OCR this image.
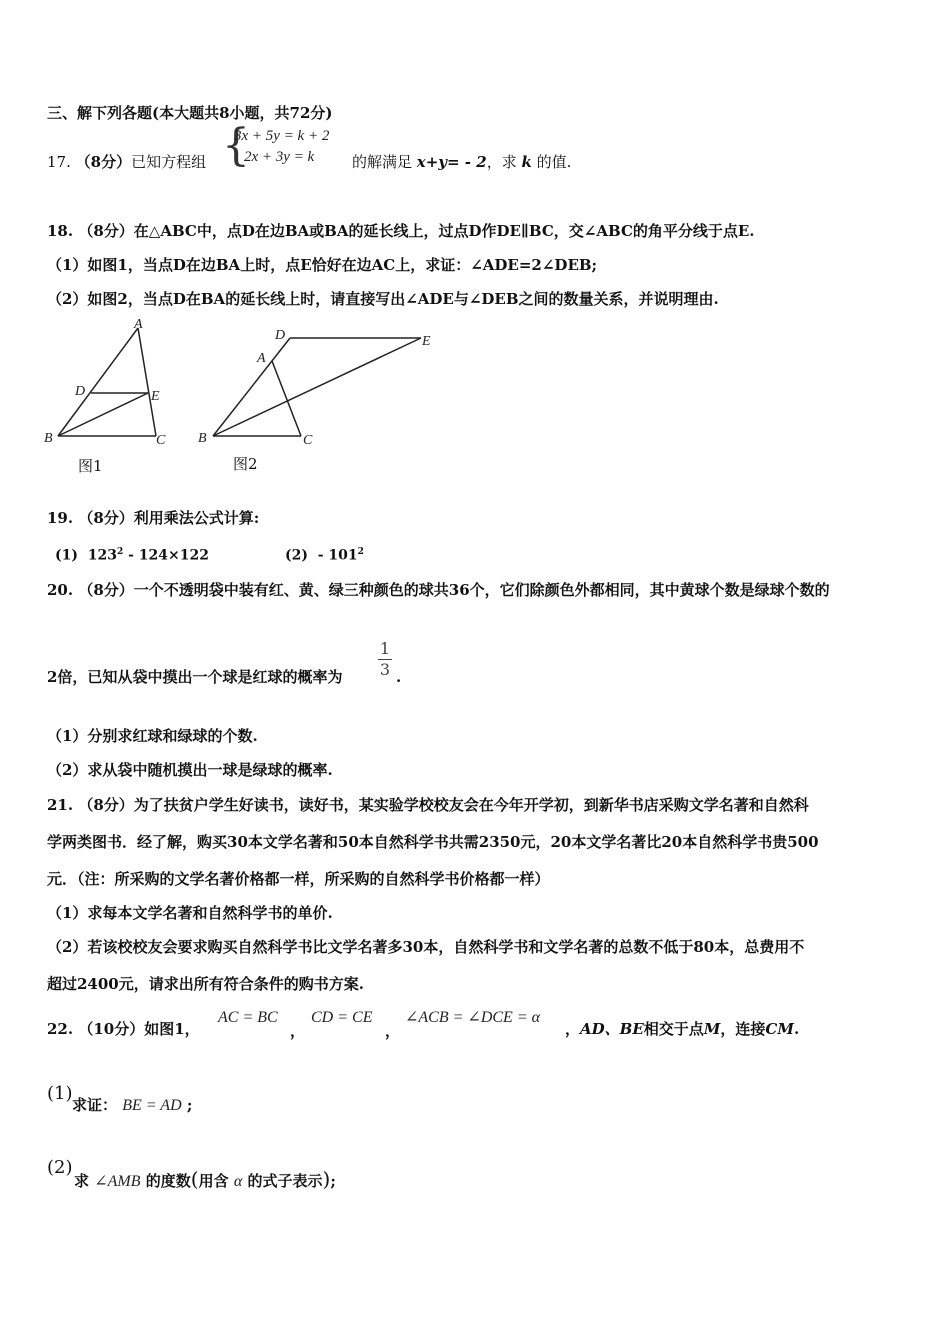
三、解下列各题(本大题共8小题，共72分)
17. （8分）已知方程组 {
3x + 5y = k + 2
2x + 3y = k	的解满足 x+y= - 2，求 k 的值.
18. （8分）在△ABC中，点D在边BA或BA的延长线上，过点D作DE∥BC，交∠ABC的角平分线于点E.
（1）如图1，当点D在边BA上时，点E恰好在边AC上，求证：∠ADE=2∠DEB;
（2）如图2，当点D在BA的延长线上时，请直接写出∠ADE与∠DEB之间的数量关系，并说明理由.
A
D	E
B	C
图1
D	E
A
B	C
图2
19. （8分）利用乘法公式计算:
(1) $123^2 - 124\times 122$	$(2) - 101^2$
20. （8分）一个不透明袋中装有红、黄、绿三种颜色的球共36个，它们除颜色外都相同，其中黄球个数是绿球个数的
2倍，已知从袋中摸出一个球是红球的概率为
1
3 .
（1）分别求红球和绿球的个数.
（2）求从袋中随机摸出一球是绿球的概率.
21. （8分）为了扶贫户学生好读书，读好书，某实验学校校友会在今年开学初，到新华书店采购文学名著和自然科
学两类图书．经了解，购买30本文学名著和50本自然科学书共需2350元，20本文学名著比20本自然科学书贵500
元．（注：所采购的文学名著价格都一样，所采购的自然科学书价格都一样）
（1）求每本文学名著和自然科学书的单价.
（2）若该校校友会要求购买自然科学书比文学名著多30本，自然科学书和文学名著的总数不低于80本，总费用不
超过2400元，请求出所有符合条件的购书方案.
22. （10分）如图1，
AC = BC
，
CD = CE
，
∠ACB = ∠DCE = α
，AD、BE相交于点M，连接CM.
(1)
求证： BE = AD ;
(2)
求 ∠AMB 的度数(用含 α 的式子表示);
